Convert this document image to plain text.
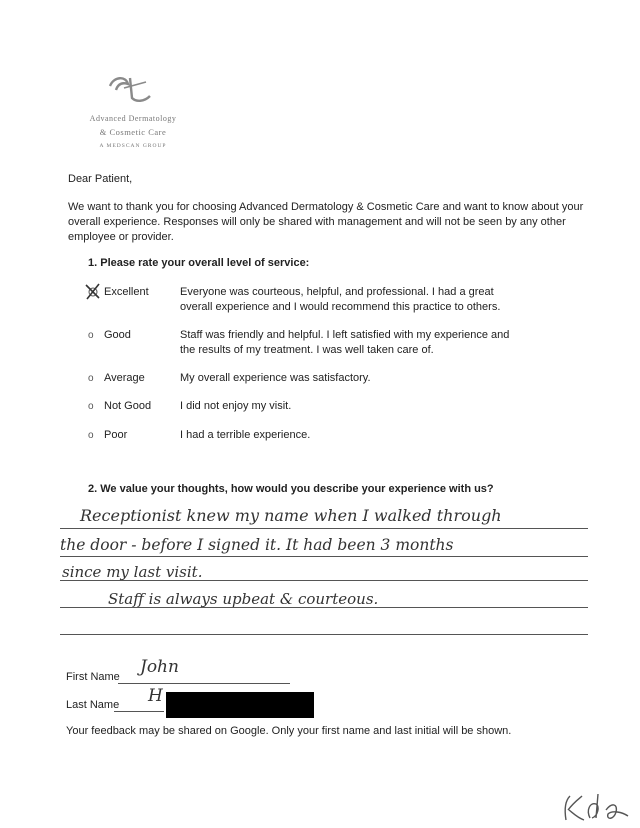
Advanced Dermatology
& Cosmetic Care
A MEDSCAN GROUP
Dear Patient,
We want to thank you for choosing Advanced Dermatology & Cosmetic Care and want to know about your overall experience. Responses will only be shared with management and will not be seen by any other employee or provider.
1. Please rate your overall level of service:
Excellent	Everyone was courteous, helpful, and professional. I had a great overall experience and I would recommend this practice to others.
o Good	Staff was friendly and helpful. I left satisfied with my experience and the results of my treatment. I was well taken care of.
o Average	My overall experience was satisfactory.
o Not Good	I did not enjoy my visit.
o Poor	I had a terrible experience.
2. We value your thoughts, how would you describe your experience with us?
Receptionist knew my name when I walked through
the door - before I signed it. It had been 3 months
since my last visit.
Staff is always upbeat & courteous.
First Name John
Last Name H
Your feedback may be shared on Google. Only your first name and last initial will be shown.
